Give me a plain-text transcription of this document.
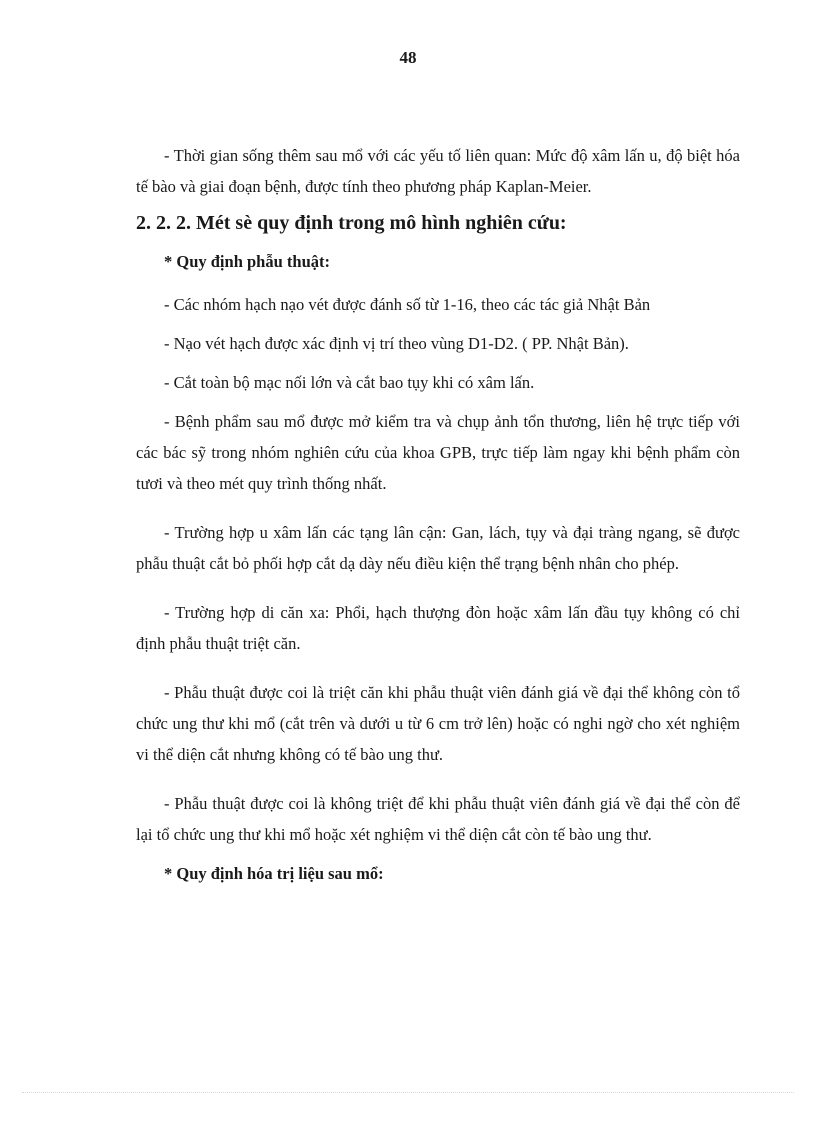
48

- Thời gian sống thêm sau mổ với các yếu tố liên quan: Mức độ xâm lấn u, độ biệt hóa tế bào và giai đoạn bệnh, được tính theo phương pháp Kaplan-Meier.

2. 2. 2. Mét sè quy định trong mô hình nghiên cứu:

* Quy định phẫu thuật:

- Các nhóm hạch nạo vét được đánh số từ 1-16, theo các tác giả Nhật Bản

- Nạo vét hạch được xác định vị trí theo vùng D1-D2. ( PP. Nhật Bản).

- Cắt toàn bộ mạc nối lớn và cắt bao tụy khi có xâm lấn.

- Bệnh phẩm sau mổ được mở kiểm tra và chụp ảnh tổn thương, liên hệ trực tiếp với các bác sỹ trong nhóm nghiên cứu của khoa GPB, trực tiếp làm ngay khi bệnh phẩm còn tươi và theo mét quy trình thống nhất.

- Trường hợp u xâm lấn các tạng lân cận: Gan, lách, tụy và đại tràng ngang, sẽ được phẫu thuật cắt bỏ phối hợp cắt dạ dày nếu điều kiện thể trạng bệnh nhân cho phép.

- Trường hợp di căn xa: Phổi, hạch thượng đòn hoặc xâm lấn đầu tụy không có chỉ định phẫu thuật triệt căn.

- Phẫu thuật được coi là triệt căn khi phẫu thuật viên đánh giá về đại thể không còn tổ chức ung thư khi mổ (cắt trên và dưới u từ 6 cm trở lên) hoặc có nghi ngờ cho xét nghiệm vi thể diện cắt nhưng không có tế bào ung thư.

- Phẫu thuật được coi là không triệt để khi phẫu thuật viên đánh giá về đại thể còn để lại tổ chức ung thư khi mổ hoặc xét nghiệm vi thể diện cắt còn tế bào ung thư.

* Quy định hóa trị liệu sau mổ:
